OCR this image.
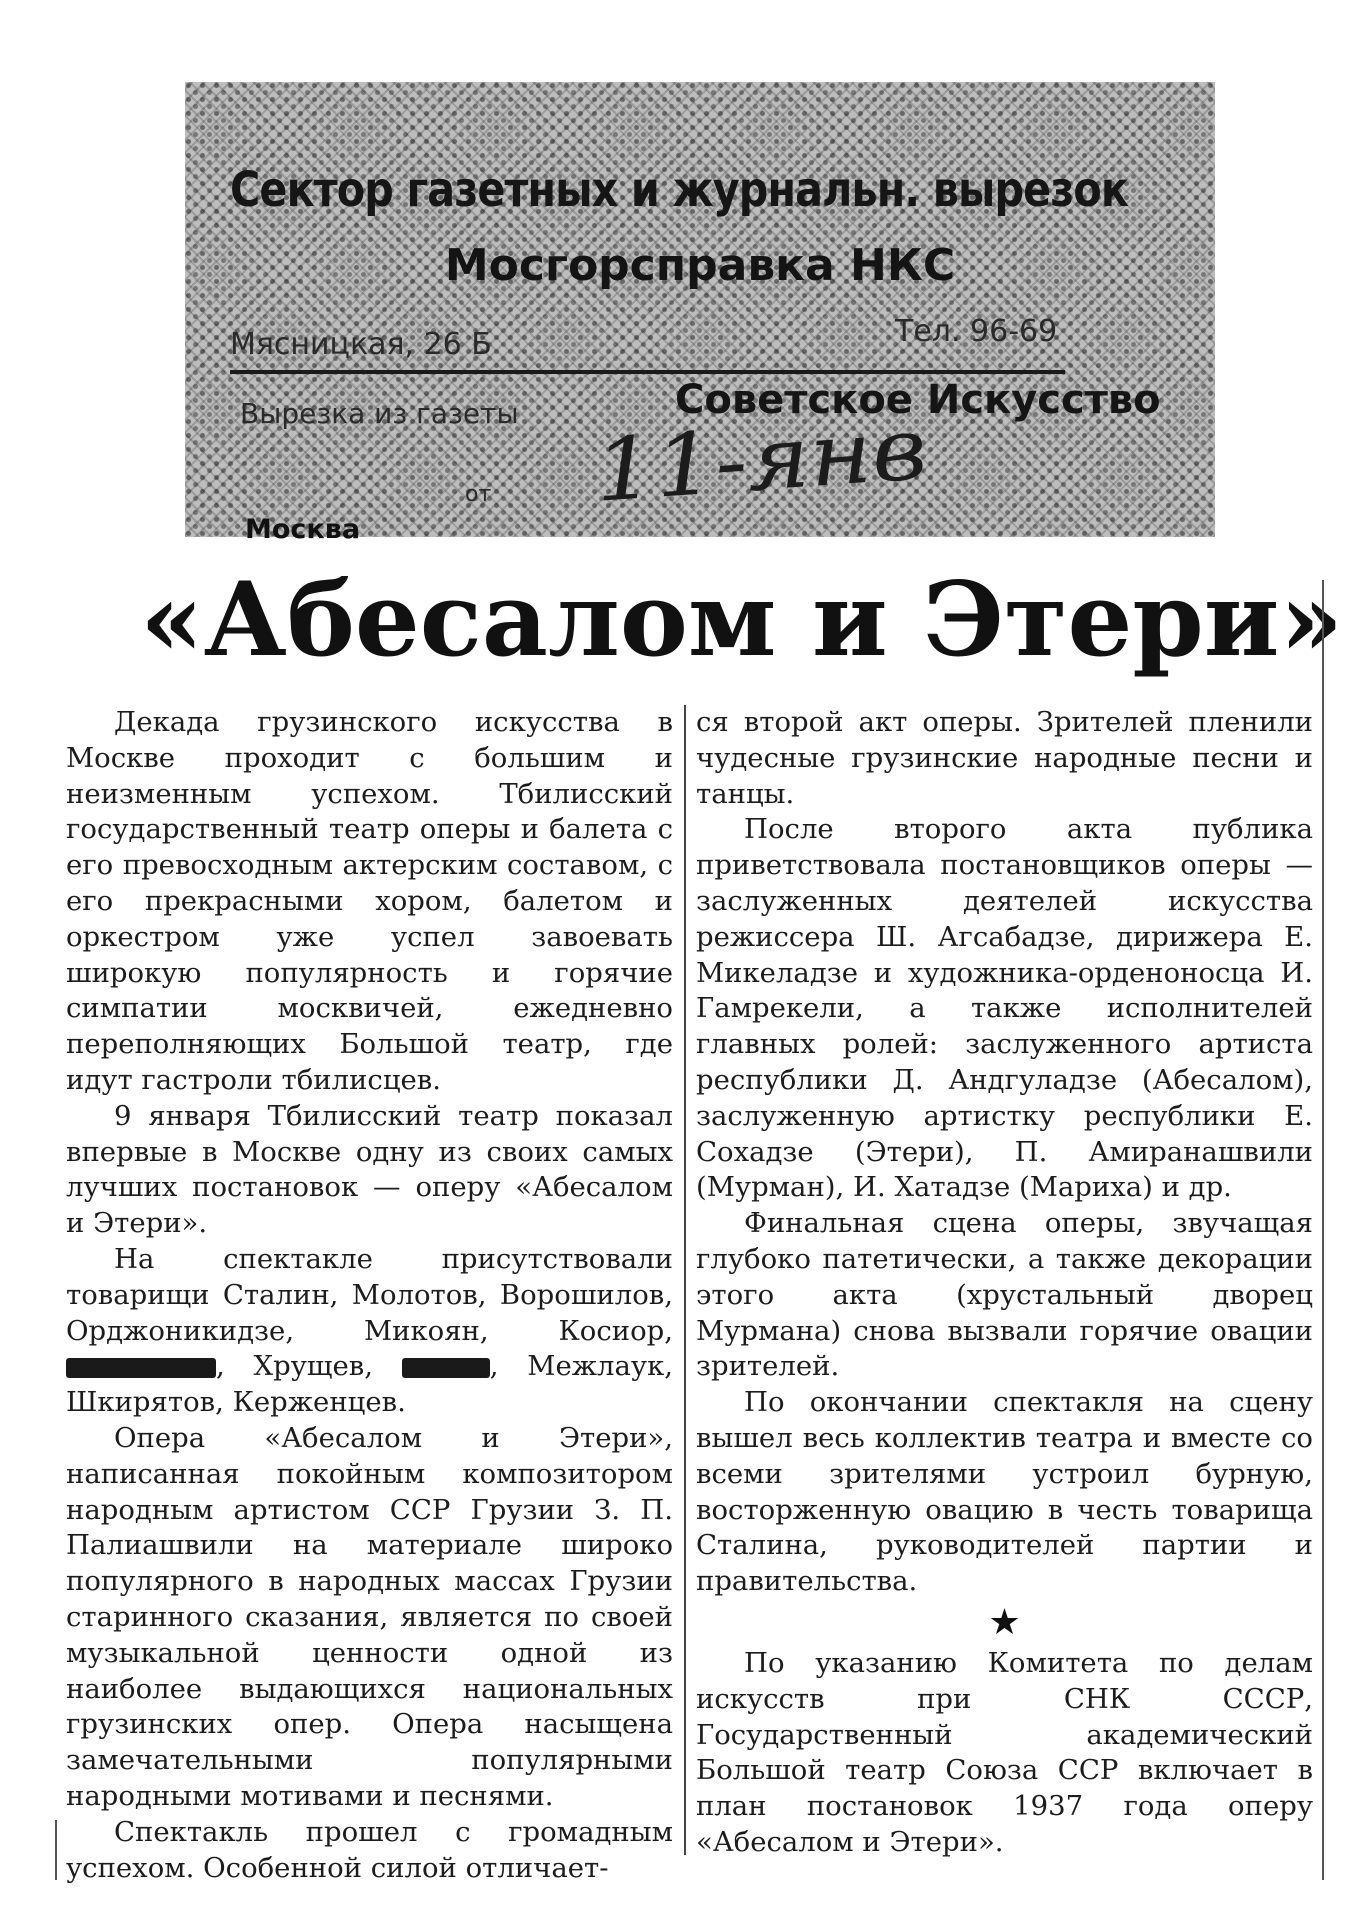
Сектор газетных и журнальн. вырезок
Мосгорсправка НКС
Мясницкая, 26 Б	Тел. 96-69
Вырезка из газеты	Советское Искусство
от 11-янв
Москва
«Абесалом и Этери»

Декада грузинского искусства в Москве проходит с большим и неизменным успехом. Тбилисский государственный театр оперы и балета с его превосходным актерским составом, с его прекрасными хором, балетом и оркестром уже успел завоевать широкую популярность и горячие симпатии москвичей, ежедневно переполняющих Большой театр, где идут гастроли тбилисцев.

9 января Тбилисский театр показал впервые в Москве одну из своих самых лучших постановок — оперу «Абесалом и Этери».

На спектакле присутствовали товарищи Сталин, Молотов, Ворошилов, Орджоникидзе, Микоян, Косиор, , Хрущев,	, Межлаук, Шкирятов, Керженцев.

Опера «Абесалом и Этери», написанная покойным композитором народным артистом ССР Грузии З. П. Палиашвили на материале широко популярного в народных массах Грузии старинного сказания, является по своей музыкальной ценности одной из наиболее выдающихся национальных грузинских опер. Опера насыщена замечательными популярными народными мотивами и песнями.

Спектакль прошел с громадным успехом. Особенной силой отличает-

ся второй акт оперы. Зрителей пленили чудесные грузинские народные песни и танцы.

После второго акта публика приветствовала постановщиков оперы — заслуженных деятелей искусства режиссера Ш. Агсабадзе, дирижера Е. Микеладзе и художника-орденоносца И. Гамрекели, а также исполнителей главных ролей: заслуженного артиста республики Д. Андгуладзе (Абесалом), заслуженную артистку республики Е. Сохадзе (Этери), П. Амиранашвили (Мурман), И. Хатадзе (Мариха) и др.

Финальная сцена оперы, звучащая глубоко патетически, а также декорации этого акта (хрустальный дворец Мурмана) снова вызвали горячие овации зрителей.

По окончании спектакля на сцену вышел весь коллектив театра и вместе со всеми зрителями устроил бурную, восторженную овацию в честь товарища Сталина, руководителей партии и правительства.

★

По указанию Комитета по делам искусств при СНК СССР, Государственный академический Большой театр Союза ССР включает в план постановок 1937 года оперу «Абесалом и Этери».
